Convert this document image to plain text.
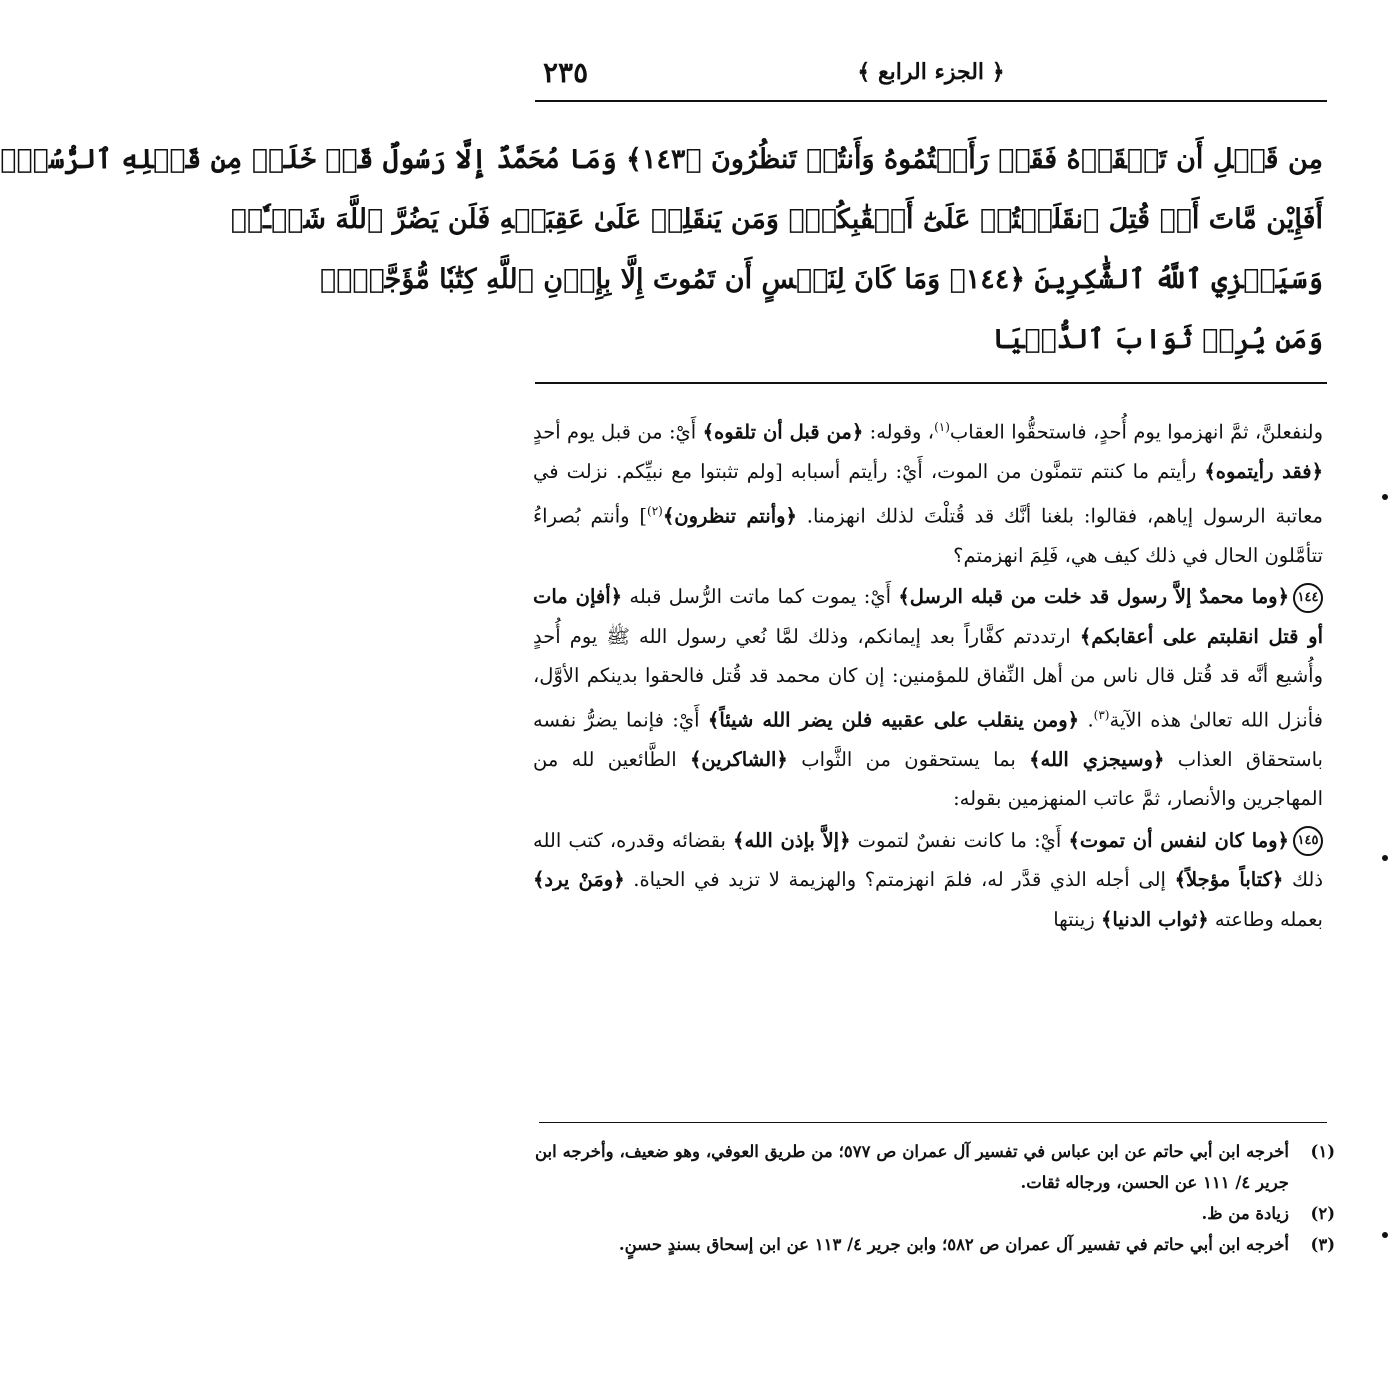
﴿ الجزء الرابع ﴾
٢٣٥
مِن قَبۡلِ أَن تَلۡقَوۡهُ فَقَدۡ رَأَيۡتُمُوهُ وَأَنتُمۡ تَنظُرُونَ ﴿١٤٣﴾ وَمَا مُحَمَّدٌ إِلَّا رَسُولٌ قَدۡ خَلَتۡ مِن قَبۡلِهِ ٱلرُّسُلُۚ
أَفَإِيْن مَّاتَ أَوۡ قُتِلَ ٱنقَلَبۡتُمۡ عَلَىٰٓ أَعۡقَٰبِكُمۡۚ وَمَن يَنقَلِبۡ عَلَىٰ عَقِبَيۡهِ فَلَن يَضُرَّ ٱللَّهَ شَيۡـٔٗاۗ
وَسَيَجۡزِي ٱللَّهُ ٱلشَّٰكِرِينَ ﴿١٤٤﴾ وَمَا كَانَ لِنَفۡسٍ أَن تَمُوتَ إِلَّا بِإِذۡنِ ٱللَّهِ كِتَٰبٗا مُّؤَجَّلٗاۗ
وَمَن يُرِدۡ ثَوَابَ ٱلدُّنۡيَا

ولنفعلنَّ، ثمَّ انهزموا يوم أُحدٍ، فاستحقُّوا العقاب$^{(١)}$، وقوله: ﴿من قبل أن تلقوه﴾ أَيْ: من قبل يوم أحدٍ ﴿فقد رأيتموه﴾ رأيتم ما كنتم تتمنَّون من الموت، أَيْ: رأيتم أسبابه [ولم تثبتوا مع نبيِّكم. نزلت في معاتبة الرسول إياهم، فقالوا: بلغنا أنَّك قد قُتلْتَ لذلك انهزمنا. ﴿وأنتم تنظرون﴾$^{(٢)}$] وأنتم بُصراءُ تتأمَّلون الحال في ذلك كيف هي، فَلِمَ انهزمتم؟

١٤٤﴿وما محمدٌ إلاَّ رسول قد خلت من قبله الرسل﴾ أَيْ: يموت كما ماتت الرُّسل قبله ﴿أفإن مات أو قتل انقلبتم على أعقابكم﴾ ارتددتم كفَّاراً بعد إيمانكم، وذلك لمَّا نُعي رسول الله ﷺ يوم أُحدٍ وأُشيع أنَّه قد قُتل قال ناس من أهل النِّفاق للمؤمنين: إن كان محمد قد قُتل فالحقوا بدينكم الأوَّل، فأنزل الله تعالىٰ هذه الآية$^{(٣)}$. ﴿ومن ينقلب على عقبيه فلن يضر الله شيئاً﴾ أَيْ: فإنما يضرُّ نفسه باستحقاق العذاب ﴿وسيجزي الله﴾ بما يستحقون من الثَّواب ﴿الشاكرين﴾ الطَّائعين لله من المهاجرين والأنصار، ثمَّ عاتب المنهزمين بقوله:

١٤٥﴿وما كان لنفس أن تموت﴾ أَيْ: ما كانت نفسٌ لتموت ﴿إلاَّ بإذن الله﴾ بقضائه وقدره، كتب الله ذلك ﴿كتاباً مؤجلاً﴾ إلى أجله الذي قدَّر له، فلمَ انهزمتم؟ والهزيمة لا تزيد في الحياة. ﴿ومَنْ يرد﴾ بعمله وطاعته ﴿ثواب الدنيا﴾ زينتها

(١)
أخرجه ابن أبي حاتم عن ابن عباس في تفسير آل عمران ص ٥٧٧؛ من طريق العوفي، وهو ضعيف، وأخرجه ابن جرير ٤/ ١١١ عن الحسن، ورجاله ثقات.
(٢)
زيادة من ظ.
(٣)
أخرجه ابن أبي حاتم في تفسير آل عمران ص ٥٨٢؛ وابن جرير ٤/ ١١٣ عن ابن إسحاق بسندٍ حسنٍ.
